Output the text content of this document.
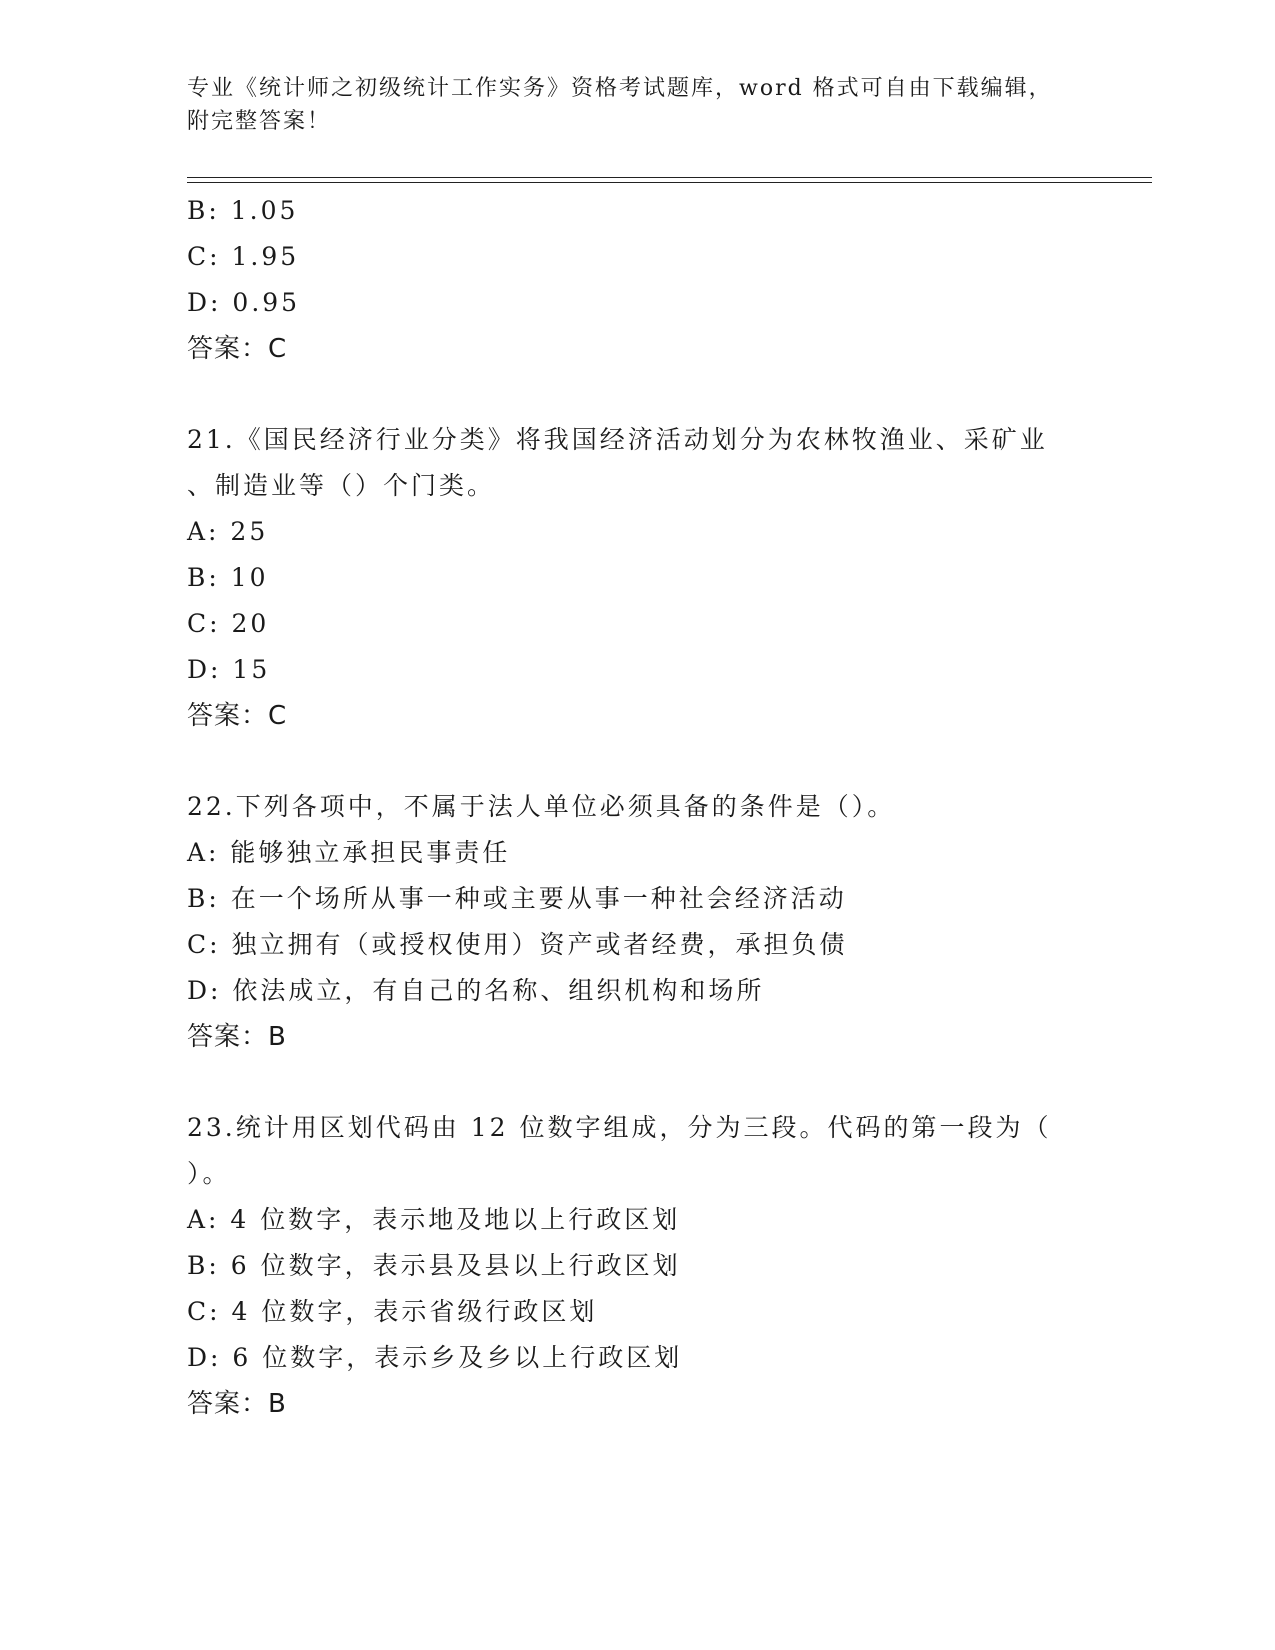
专业《统计师之初级统计工作实务》资格考试题库，word 格式可自由下载编辑，
附完整答案！
B: 1.05
C: 1.95
D: 0.95
答案：C
21.《国民经济行业分类》将我国经济活动划分为农林牧渔业、采矿业
、制造业等（）个门类。
A: 25
B: 10
C: 20
D: 15
答案：C
22.下列各项中，不属于法人单位必须具备的条件是（）。
A: 能够独立承担民事责任
B: 在一个场所从事一种或主要从事一种社会经济活动
C: 独立拥有（或授权使用）资产或者经费，承担负债
D: 依法成立，有自己的名称、组织机构和场所
答案：B
23.统计用区划代码由 12 位数字组成，分为三段。代码的第一段为（
）。
A: 4 位数字，表示地及地以上行政区划
B: 6 位数字，表示县及县以上行政区划
C: 4 位数字，表示省级行政区划
D: 6 位数字，表示乡及乡以上行政区划
答案：B
